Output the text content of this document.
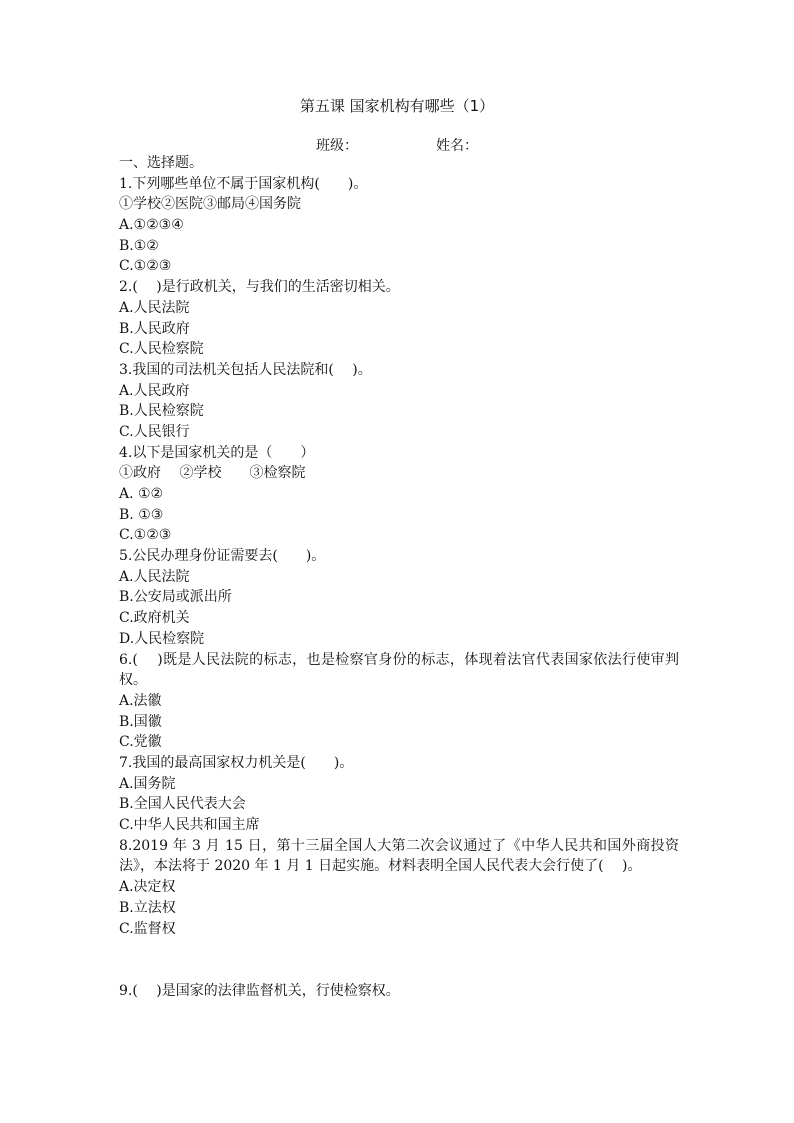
第五课 国家机构有哪些（1）
班级：	姓名：
一、选择题。
1.下列哪些单位不属于国家机构(　　)。
①学校②医院③邮局④国务院
A.①②③④
B.①②
C.①②③
2.(　 )是行政机关，与我们的生活密切相关。
A.人民法院
B.人民政府
C.人民检察院
3.我国的司法机关包括人民法院和(　 )。
A.人民政府
B.人民检察院
C.人民银行
4.以下是国家机关的是（　　）
①政府　 ②学校　　③检察院
A. ①②
B. ①③
C.①②③
5.公民办理身份证需要去(　　)。
A.人民法院
B.公安局或派出所
C.政府机关
D.人民检察院
6.(　 )既是人民法院的标志，也是检察官身份的标志，体现着法官代表国家依法行使审判权。
A.法徽
B.国徽
C.党徽
7.我国的最高国家权力机关是(　　)。
A.国务院
B.全国人民代表大会
C.中华人民共和国主席
8.2019 年 3 月 15 日，第十三届全国人大第二次会议通过了《中华人民共和国外商投资法》，本法将于 2020 年 1 月 1 日起实施。材料表明全国人民代表大会行使了(　 )。
A.决定权
B.立法权
C.监督权
9.(　 )是国家的法律监督机关，行使检察权。
